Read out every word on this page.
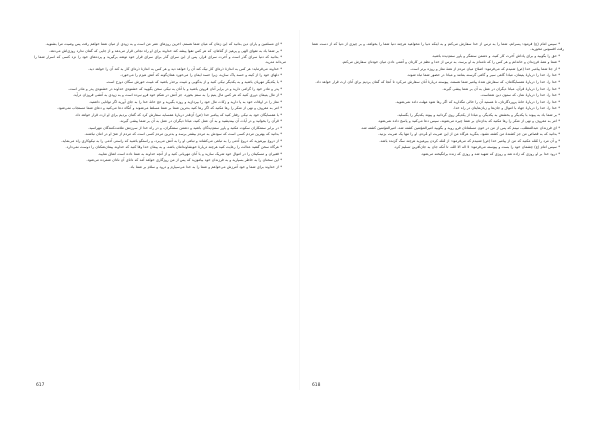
* ای مسلمین و یاران دین بدانید که این زمان که میان شما هستم، آخرین روزهای عمر من است و به زودی از میان شما خواهم رفت پس وصیت مرا بشنوید.

* بر شما باد به تقوای الهی و پرهیز از گناهان، که هر کس تقوا پیشه کند خداوند برای او راه نجاتی قرار می‌دهد و از جایی که گمان ندارد روزی‌اش می‌دهد.

* بدانید که دنیا سرای گذر است و آخرت سرای قرار، پس از این سرای گذر برای سرای قرار خود توشه برگیرید و پرده‌های خود را نزد کسی که اسرار شما را می‌داند مدرید.

* خداوند می‌فرماید: هر کس به اندازهٔ ذره‌ای کار نیک کند آن را خواهد دید و هر کس به اندازهٔ ذره‌ای کار بد کند آن را خواهد دید.

* دلهای خود را از کینه و حسد پاک سازید، زیرا حسد ایمان را می‌خورد همان‌گونه که آتش هیزم را می‌خورد.

* با یکدیگر مهربان باشید و به یکدیگر نیکی کنید و از بدگویی و غیبت برحذر باشید که غیبت خورش سگان دوزخ است.

* پدر و مادر خود را گرامی دارید و در برابر آنان فروتن باشید و با آنان به نیکی سخن بگویید که خشنودی خداوند در خشنودی پدر و مادر است.

* از مال یتیمان دوری کنید که هر کس مال یتیم را به ستم بخورد، جز آتش در شکم خود فرو نبرده است و به زودی به آتشی فروزان درآید.

* نماز را در اوقات خود به پا دارید و زکات مال خود را بپردازید و روزه بگیرید و حج خانهٔ خدا را به جای آورید اگر توانایی داشتید.

* امر به معروف و نهی از منکر را رها مکنید که اگر رها کنید بدترین شما بر شما مسلط می‌شوند و آنگاه دعا می‌کنید و دعای شما مستجاب نمی‌شود.

* با همسایگان خود به نیکی رفتار کنید که پیامبر خدا (ص) آن‌قدر دربارهٔ همسایه سفارش کرد که گمان بردیم برای او ارث قرار خواهد داد.

* قرآن را بخوانید و در آیات آن بیندیشید و به آن عمل کنید، مبادا دیگران در عمل به آن بر شما پیشی گیرند.

* در برابر ستمکاران سکوت مکنید و یاور ستم‌دیدگان باشید و دشمن ستمگران، و در راه خدا از سرزنش ملامت‌کنندگان مهراسید.

* بدانید که بهترین مردم کسی است که سودش به مردم بیشتر برسد و بدترین مردم کسی است که مردم از شرّ او در امان نباشند.

* از دروغ بپرهیزید که دروغ آدمی را به تباهی می‌کشاند و تباهی او را به آتش می‌برد، و راستگو باشید که راستی آدمی را به نیکوکاری راه می‌نماید.

* هرگاه سخن گفتید عدالت را رعایت کنید هرچند دربارهٔ خویشاوندانتان باشد، و به پیمان خدا وفا کنید که خداوند پیمان‌شکنان را دوست نمی‌دارد.

* فقیران و مسکینان را در اموال خود شریک سازید و با آنان مهربانی کنید و از آنچه خداوند به شما داده است انفاق نمایید.

* این سخنان را به خاطر بسپارید و به فرزندان خود بیاموزید که پس از من روزگاری خواهد آمد که دانای آن نادان شمرده می‌شود.

* از خداوند برای شما و خود آمرزش می‌خواهم و شما را به خدا می‌سپارم و درود و سلام بر شما باد.

* سپس امام (ع) فرمود: پسرانم، شما را به ترس از خدا سفارش می‌کنم و به اینکه دنیا را مخواهید هرچند دنیا شما را بخواهد، و بر چیزی از دنیا که از دست شما رفت افسوس مخورید.

* حق را بگویید و برای پاداش آخرت کار کنید، و دشمن ستمگر و یاور ستم‌دیده باشید.

* شما و همهٔ فرزندان و خاندانم و هر کس را که نامه‌ام به او برسد، به ترس از خدا و نظم در کارتان و آشتی دادن میان خودتان سفارش می‌کنم.

* از جدّ شما پیامبر خدا (ص) شنیدم که می‌فرمود: اصلاح میان مردم از همهٔ نماز و روزه برتر است.

* خدا را، خدا را دربارهٔ یتیمان، مبادا گاهی سیر و گاهی گرسنه بمانند و مبادا در حضور شما تباه شوند.

* خدا را، خدا را دربارهٔ همسایگانتان، که سفارش شدهٔ پیامبر شما هستند، پیوسته دربارهٔ آنان سفارش می‌کرد تا آنجا که گمان بردیم برای آنان ارث قرار خواهد داد.

* خدا را، خدا را دربارهٔ قرآن، مبادا دیگران در عمل به آن بر شما پیشی گیرند.

* خدا را، خدا را دربارهٔ نماز، که ستون دین شماست.

* خدا را، خدا را دربارهٔ خانهٔ پروردگارتان، تا هستید آن را خالی مگذارید که اگر رها شود مهلت داده نمی‌شوید.

* خدا را، خدا را دربارهٔ جهاد با اموال و جان‌ها و زبان‌هایتان در راه خدا.

* بر شما باد به پیوند با یکدیگر و بخشش به یکدیگر، و مبادا از یکدیگر روی گردانید و پیوند یکدیگر را بگسلید.

* امر به معروف و نهی از منکر را رها مکنید که بدان‌تان بر شما چیره می‌شوند، سپس دعا می‌کنید و پاسخ داده نمی‌شود.

* ای فرزندان عبدالمطلب، نبینم که پس از من در خون مسلمانان فرو روید و بگویید امیرالمؤمنین کشته شد، امیرالمؤمنین کشته شد.

* بدانید که به قصاص من جز کشندهٔ من کشته نشود. بنگرید هرگاه من از این ضربت او مُردم، او را تنها یک ضربت بزنید.

* و آن مرد را مُثله مکنید که من از پیامبر خدا (ص) شنیدم که می‌فرمود: از مُثله کردن بپرهیزید هرچند سگ گزنده باشد.

* سپس امام (ع) چشمان خود را بست و پیوسته می‌فرمود: لا اله الا الله، تا آنکه جان به جان‌آفرین تسلیم کرد.

* درود خدا بر او روزی که زاده شد و روزی که شهید شد و روزی که زنده برانگیخته می‌شود.

617	618
